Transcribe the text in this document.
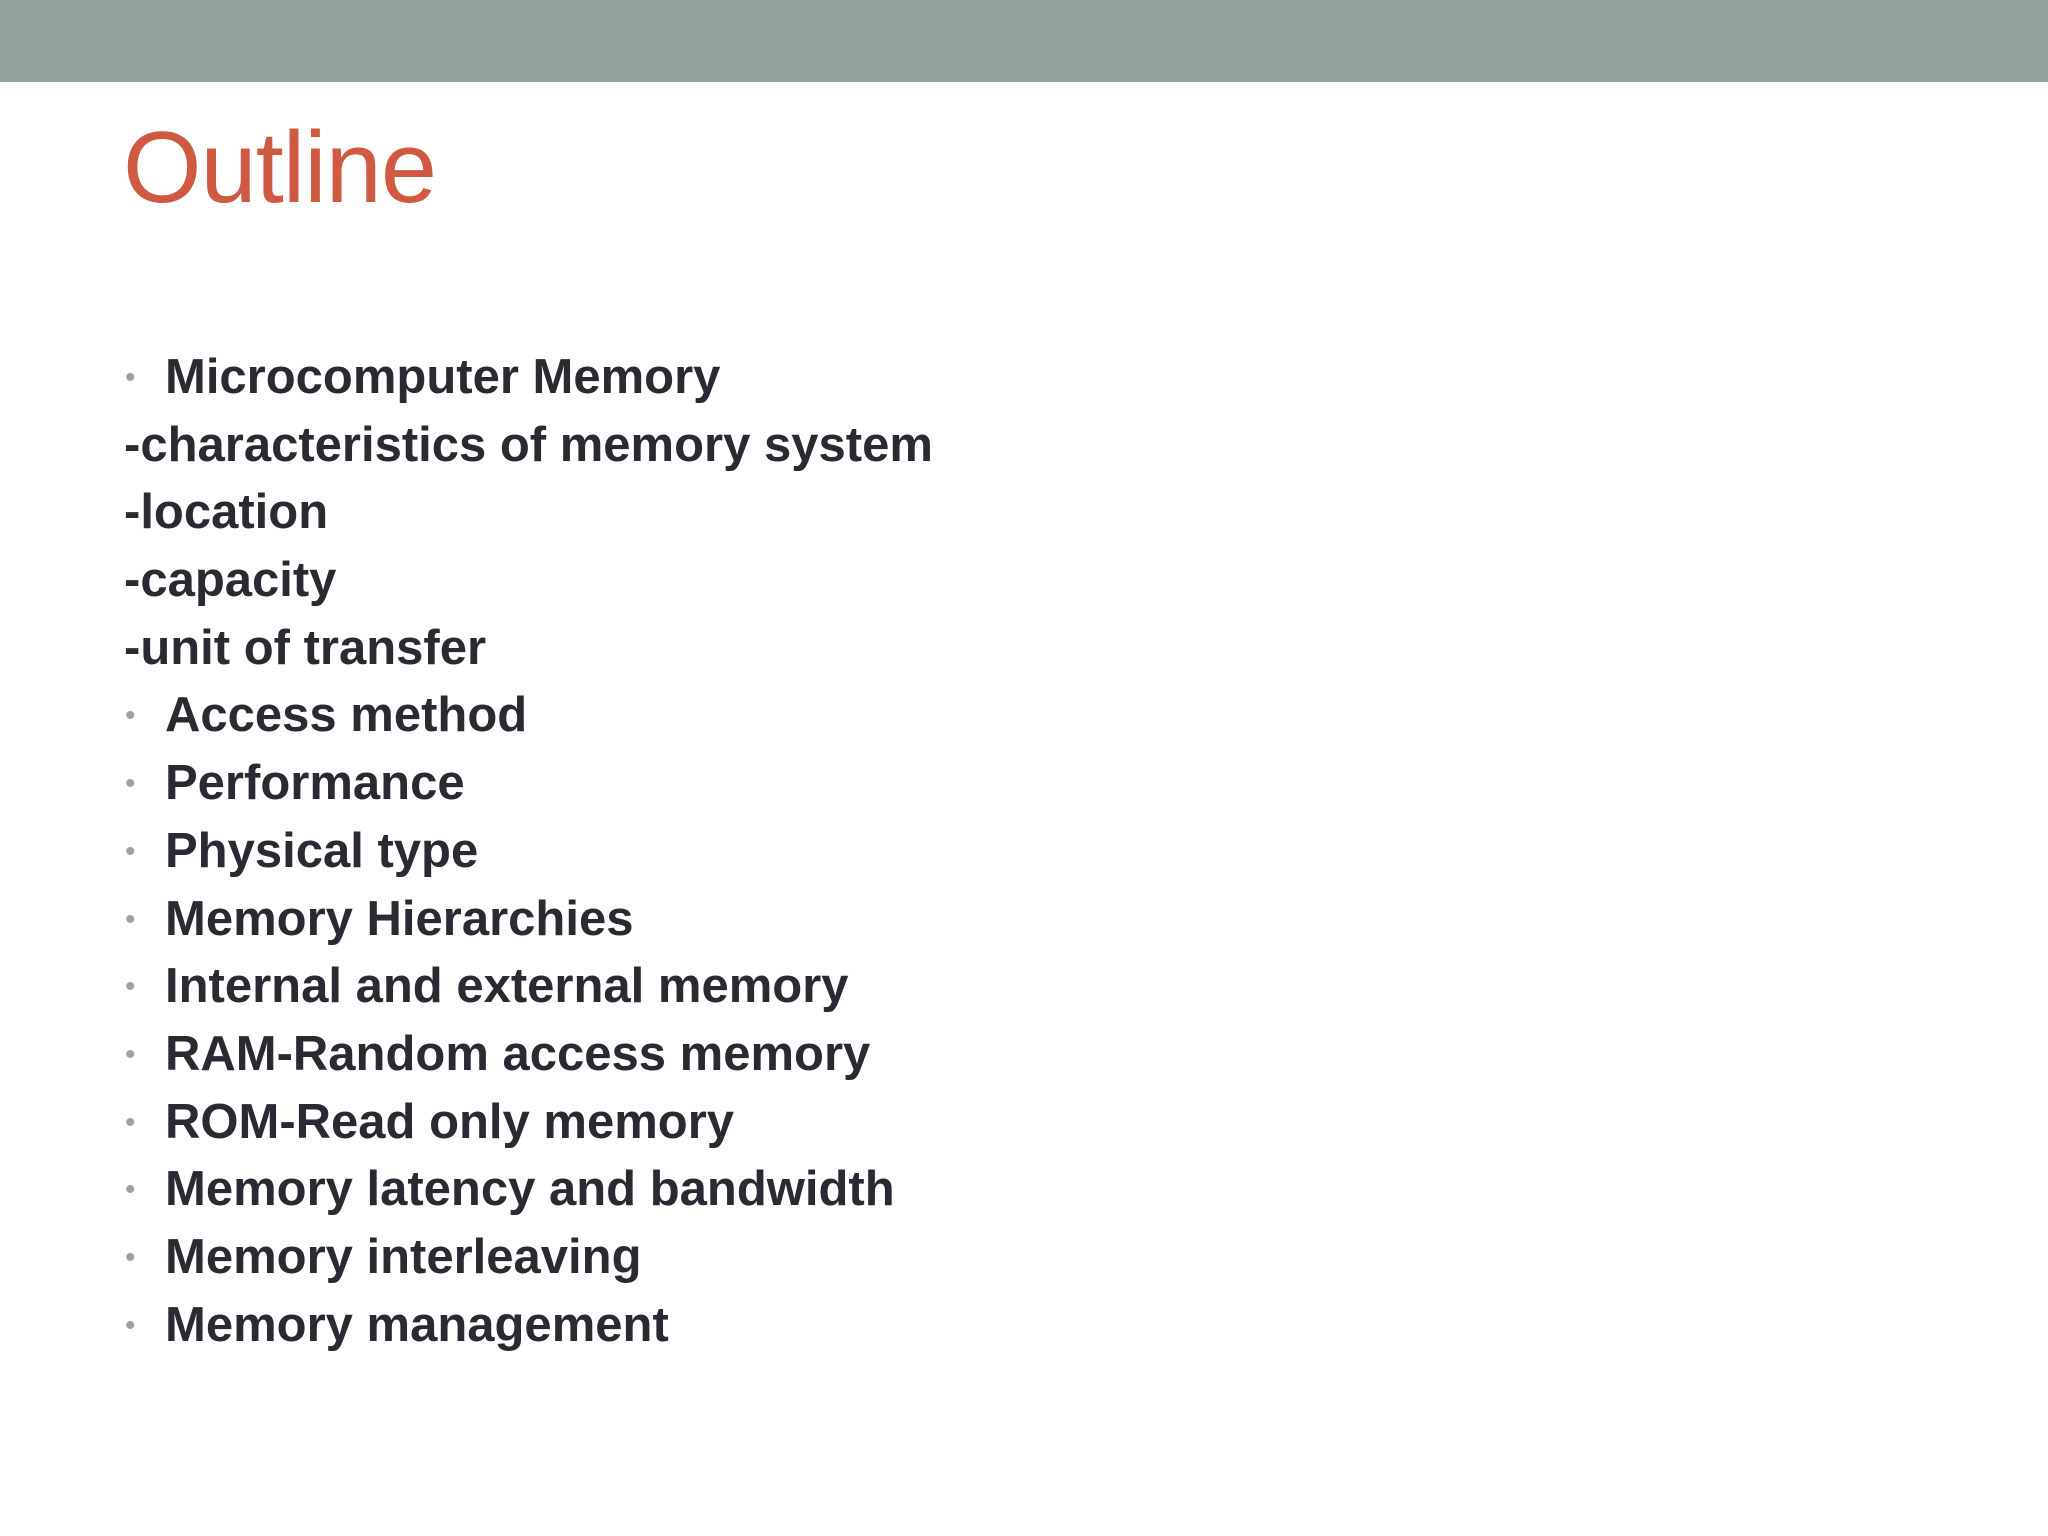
Outline
• Microcomputer Memory
-characteristics of memory system
-location
-capacity
-unit of transfer
• Access method
• Performance
• Physical type
• Memory Hierarchies
• Internal and external memory
• RAM-Random access memory
• ROM-Read only memory
• Memory latency and bandwidth
• Memory interleaving
• Memory management
